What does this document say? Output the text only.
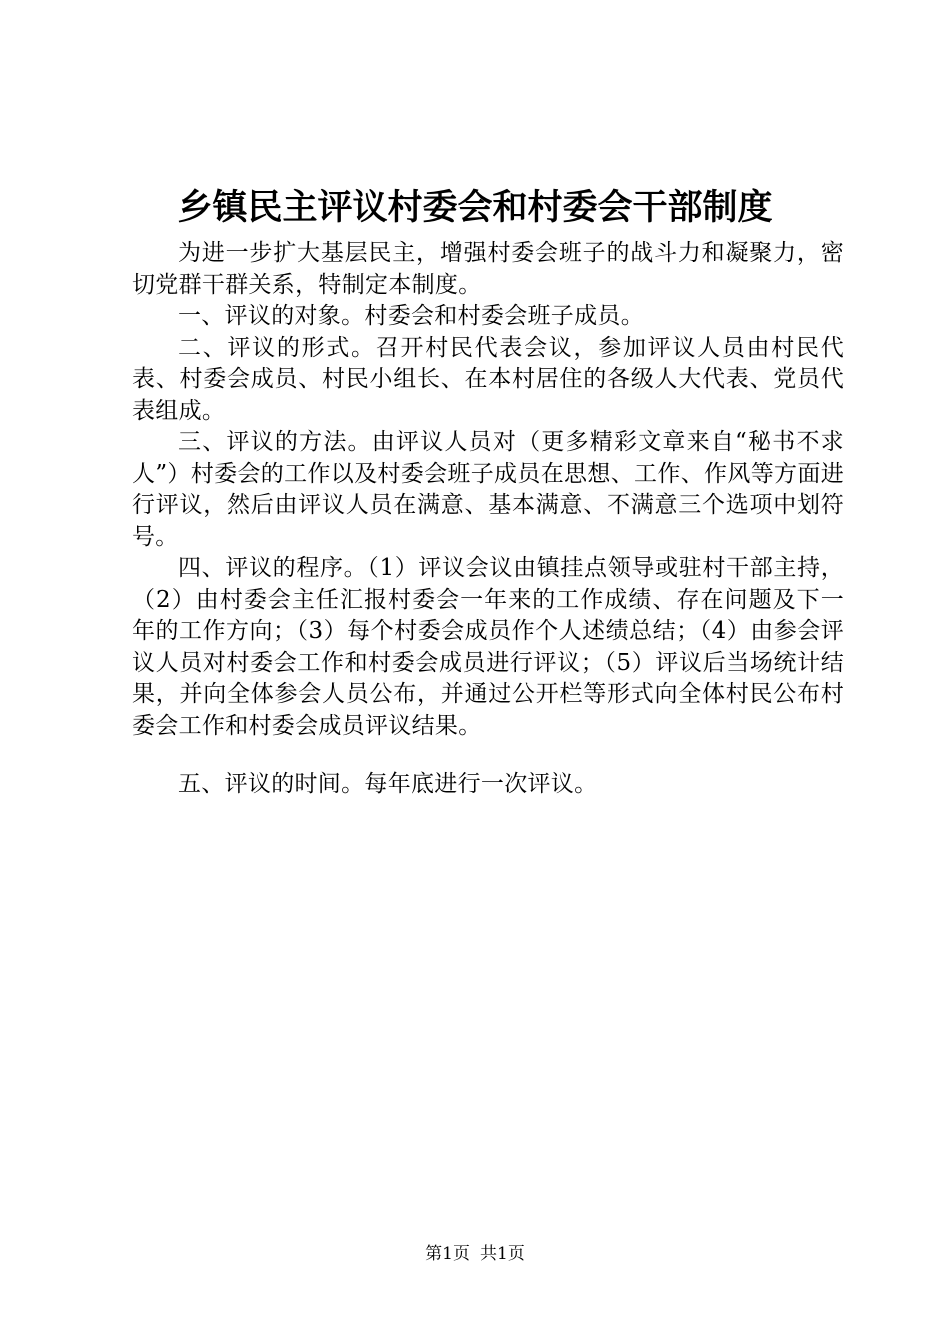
乡镇民主评议村委会和村委会干部制度

为进一步扩大基层民主，增强村委会班子的战斗力和凝聚力，密切党群干群关系，特制定本制度。

一、评议的对象。村委会和村委会班子成员。

二、评议的形式。召开村民代表会议，参加评议人员由村民代表、村委会成员、村民小组长、在本村居住的各级人大代表、党员代表组成。

三、评议的方法。由评议人员对（更多精彩文章来自“秘书不求人”）村委会的工作以及村委会班子成员在思想、工作、作风等方面进行评议，然后由评议人员在满意、基本满意、不满意三个选项中划符号。

四、评议的程序。（1）评议会议由镇挂点领导或驻村干部主持，（2）由村委会主任汇报村委会一年来的工作成绩、存在问题及下一年的工作方向；（3）每个村委会成员作个人述绩总结；（4）由参会评议人员对村委会工作和村委会成员进行评议；（5）评议后当场统计结果，并向全体参会人员公布，并通过公开栏等形式向全体村民公布村委会工作和村委会成员评议结果。

五、评议的时间。每年底进行一次评议。

第1页 共1页
